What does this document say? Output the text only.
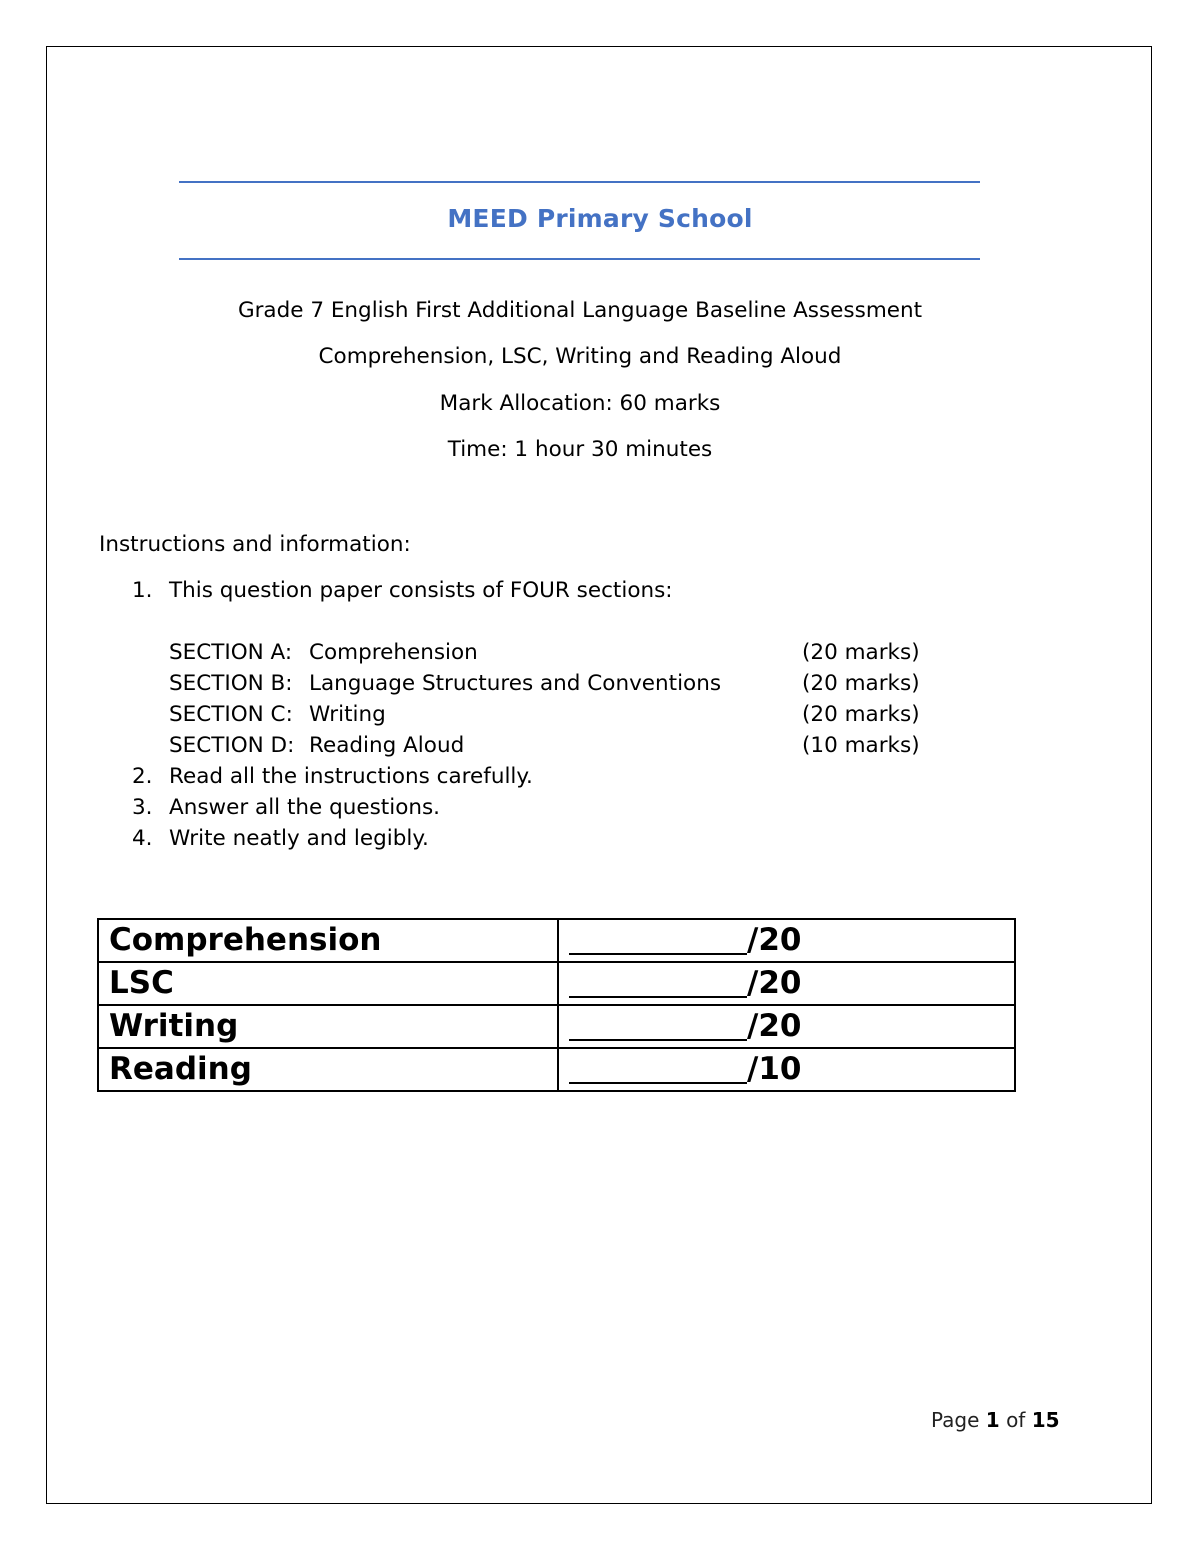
MEED Primary School
Grade 7 English First Additional Language Baseline Assessment
Comprehension, LSC, Writing and Reading Aloud
Mark Allocation: 60 marks
Time: 1 hour 30 minutes
Instructions and information:
1. This question paper consists of FOUR sections:
SECTION A: Comprehension	(20 marks)
SECTION B: Language Structures and Conventions	(20 marks)
SECTION C: Writing	(20 marks)
SECTION D: Reading Aloud	(10 marks)
2. Read all the instructions carefully.
3. Answer all the questions.
4. Write neatly and legibly.
Comprehension	/20
LSC	/20
Writing	/20
Reading	/10
Page 1 of 15
